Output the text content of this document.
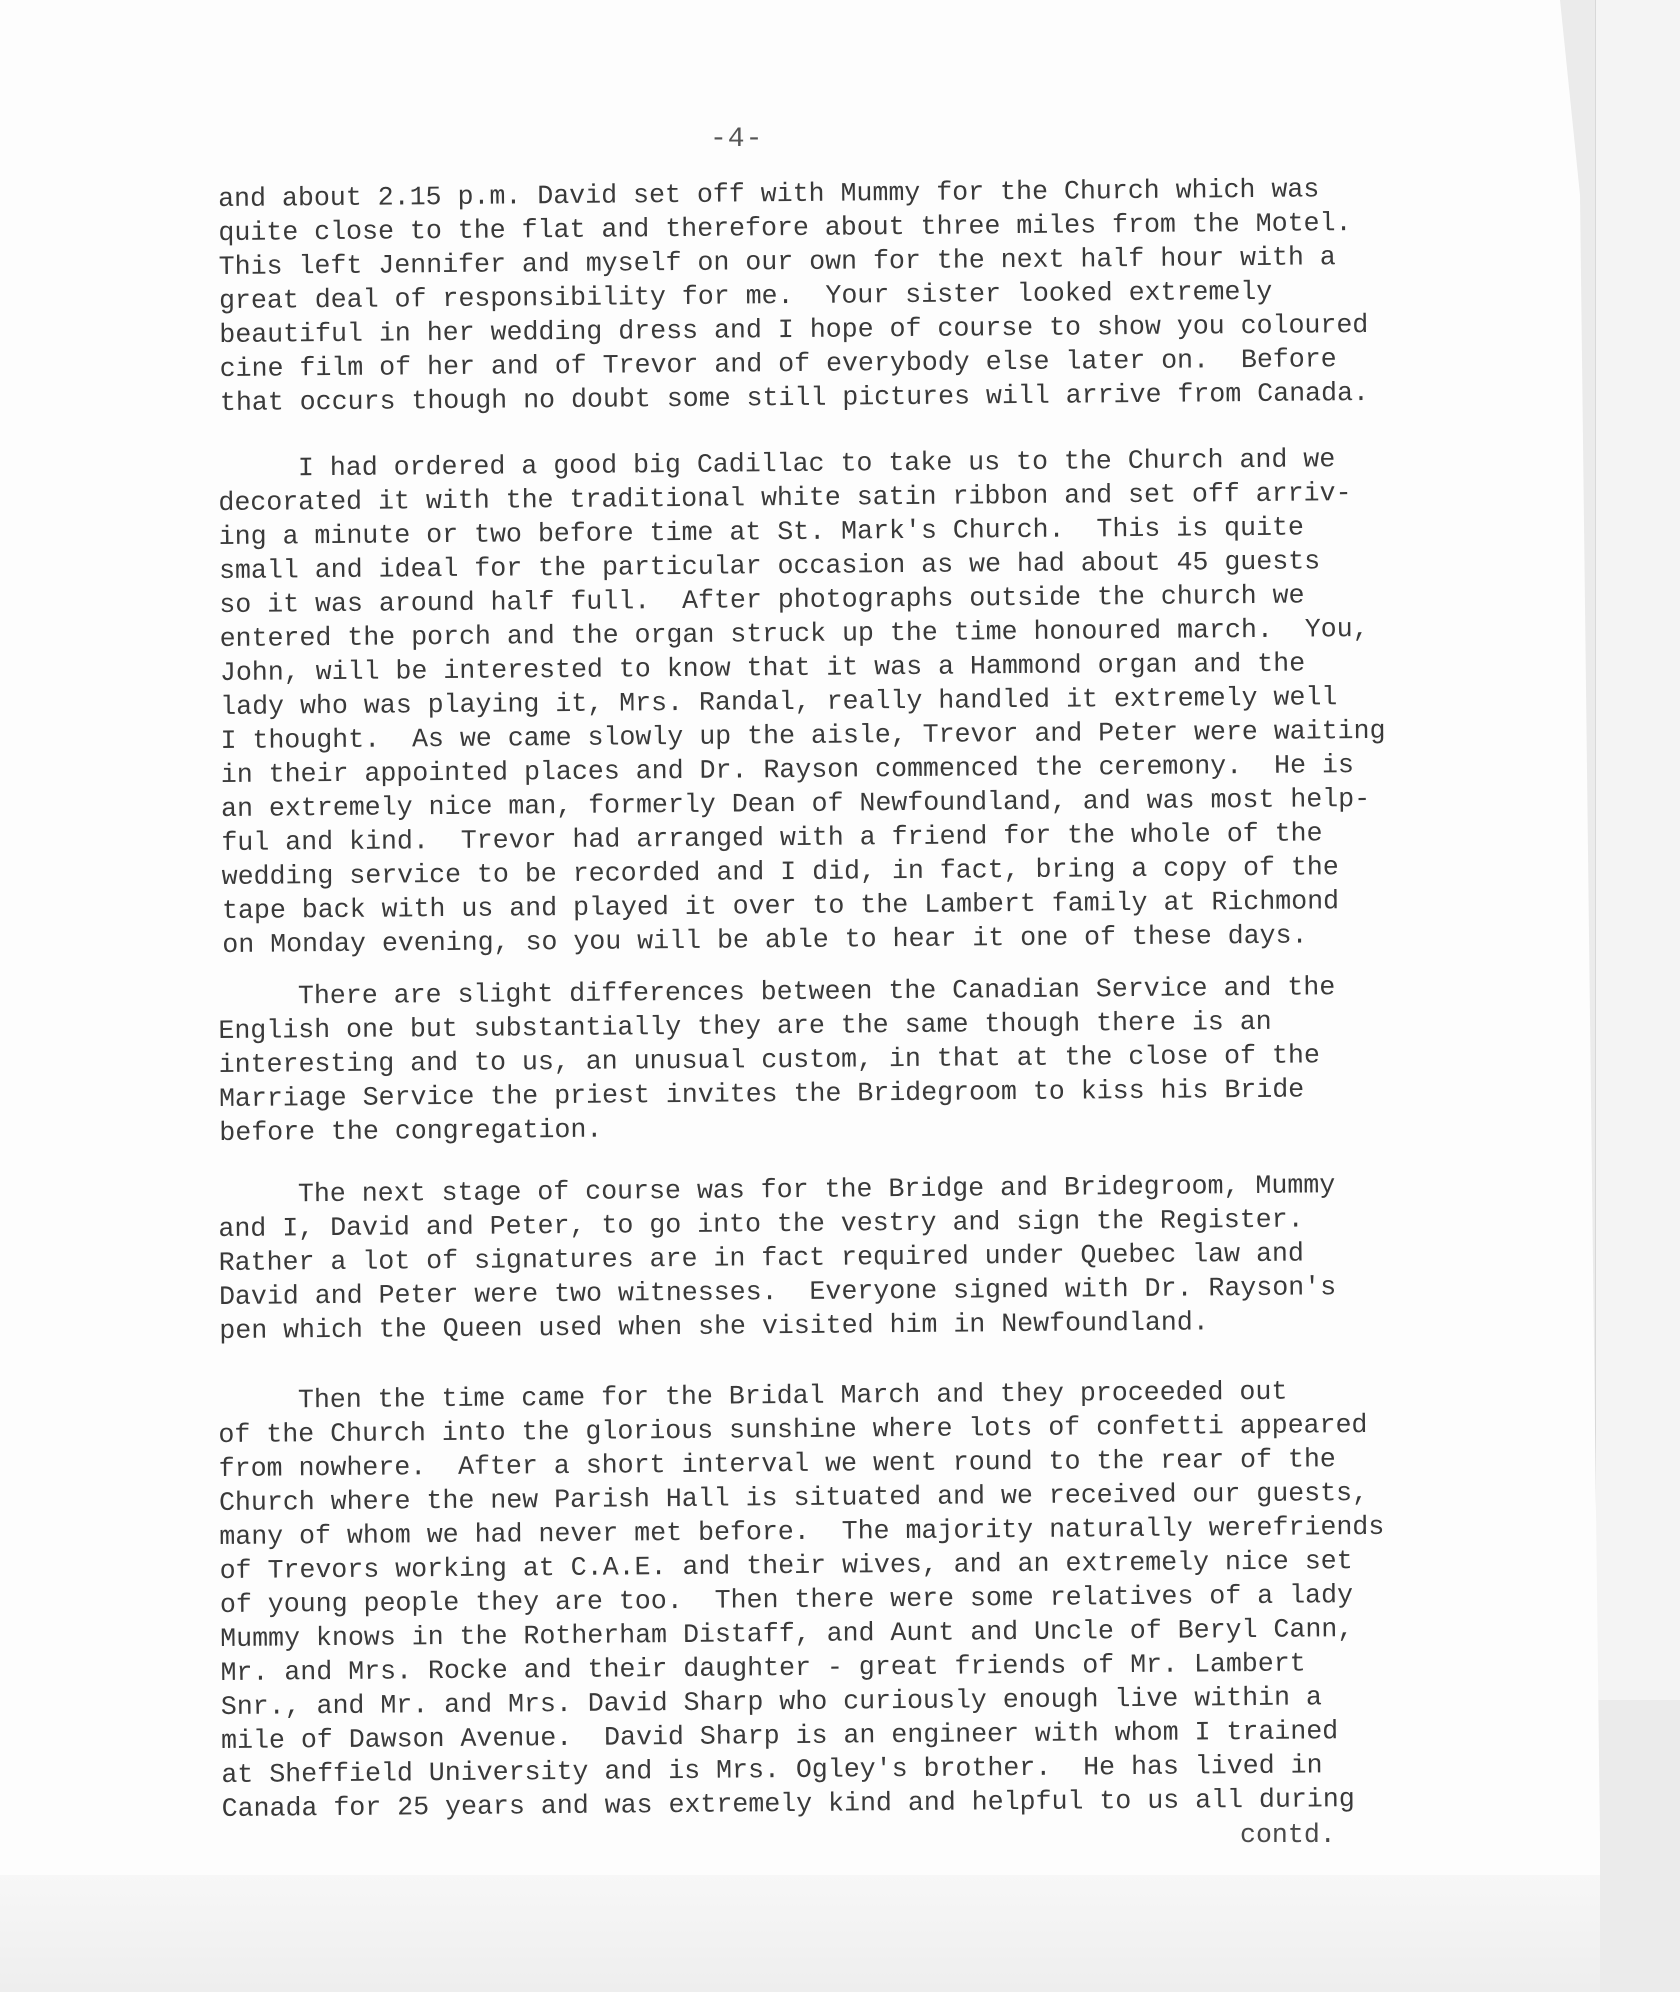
-4-

and about 2.15 p.m. David set off with Mummy for the Church which was
quite close to the flat and therefore about three miles from the Motel.
This left Jennifer and myself on our own for the next half hour with a
great deal of responsibility for me.  Your sister looked extremely
beautiful in her wedding dress and I hope of course to show you coloured
cine film of her and of Trevor and of everybody else later on.  Before
that occurs though no doubt some still pictures will arrive from Canada.

I had ordered a good big Cadillac to take us to the Church and we
decorated it with the traditional white satin ribbon and set off arriv-
ing a minute or two before time at St. Mark's Church.  This is quite
small and ideal for the particular occasion as we had about 45 guests
so it was around half full.  After photographs outside the church we
entered the porch and the organ struck up the time honoured march.  You,
John, will be interested to know that it was a Hammond organ and the
lady who was playing it, Mrs. Randal, really handled it extremely well
I thought.  As we came slowly up the aisle, Trevor and Peter were waiting
in their appointed places and Dr. Rayson commenced the ceremony.  He is
an extremely nice man, formerly Dean of Newfoundland, and was most help-
ful and kind.  Trevor had arranged with a friend for the whole of the
wedding service to be recorded and I did, in fact, bring a copy of the
tape back with us and played it over to the Lambert family at Richmond
on Monday evening, so you will be able to hear it one of these days.

There are slight differences between the Canadian Service and the
English one but substantially they are the same though there is an
interesting and to us, an unusual custom, in that at the close of the
Marriage Service the priest invites the Bridegroom to kiss his Bride
before the congregation.

The next stage of course was for the Bridge and Bridegroom, Mummy
and I, David and Peter, to go into the vestry and sign the Register.
Rather a lot of signatures are in fact required under Quebec law and
David and Peter were two witnesses.  Everyone signed with Dr. Rayson's
pen which the Queen used when she visited him in Newfoundland.

Then the time came for the Bridal March and they proceeded out
of the Church into the glorious sunshine where lots of confetti appeared
from nowhere.  After a short interval we went round to the rear of the
Church where the new Parish Hall is situated and we received our guests,
many of whom we had never met before.  The majority naturally werefriends
of Trevors working at C.A.E. and their wives, and an extremely nice set
of young people they are too.  Then there were some relatives of a lady
Mummy knows in the Rotherham Distaff, and Aunt and Uncle of Beryl Cann,
Mr. and Mrs. Rocke and their daughter - great friends of Mr. Lambert
Snr., and Mr. and Mrs. David Sharp who curiously enough live within a
mile of Dawson Avenue.  David Sharp is an engineer with whom I trained
at Sheffield University and is Mrs. Ogley's brother.  He has lived in
Canada for 25 years and was extremely kind and helpful to us all during

contd.
